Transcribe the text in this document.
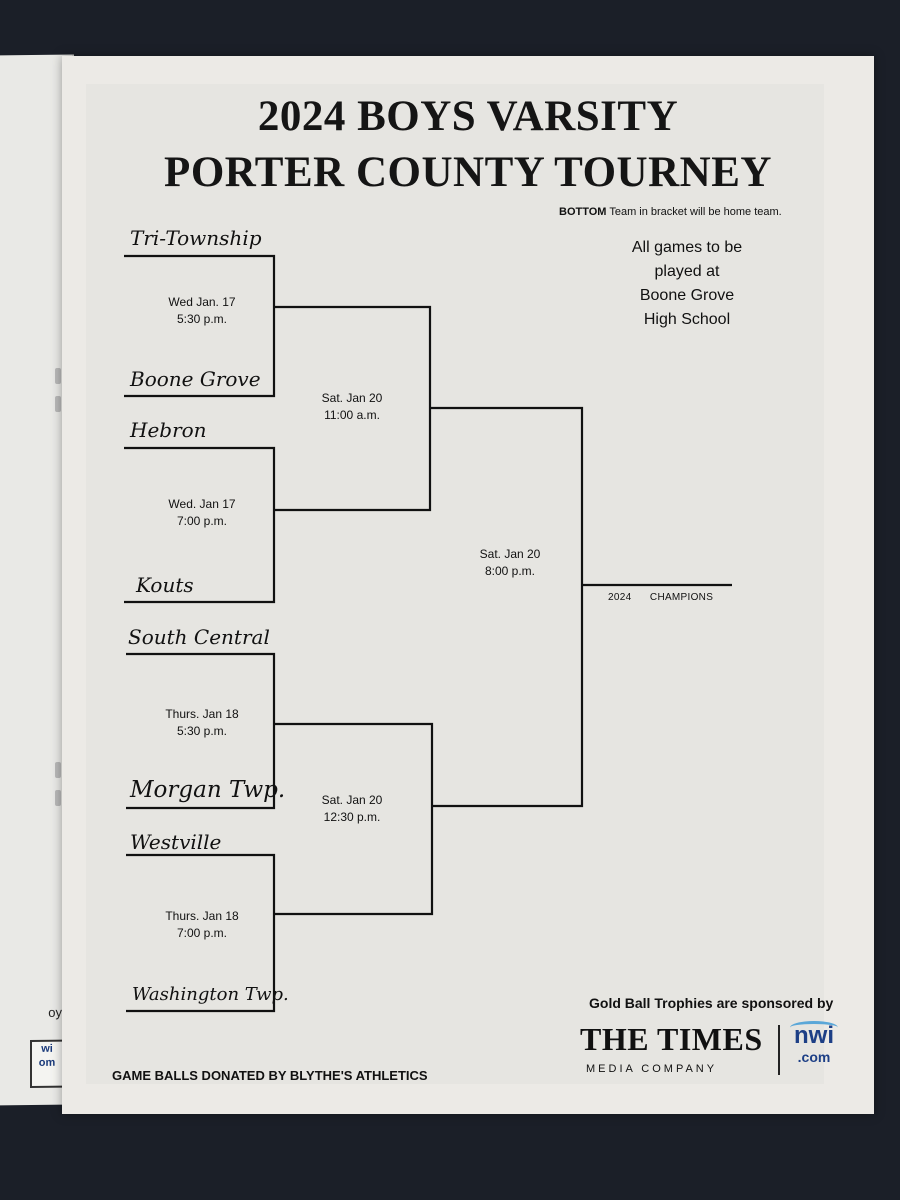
oy
wi
om
2024 BOYS VARSITY
PORTER COUNTY TOURNEY
BOTTOM Team in bracket will be home team.
All games to be
played at
Boone Grove
High School
Tri-Township
Boone Grove
Hebron
Kouts
South Central
Morgan Twp.
Westville
Washington Twp.
Wed Jan. 17
5:30 p.m.
Wed. Jan 17
7:00 p.m.
Thurs. Jan 18
5:30 p.m.
Thurs. Jan 18
7:00 p.m.
Sat. Jan 20
11:00 a.m.
Sat. Jan 20
12:30 p.m.
Sat. Jan 20
8:00 p.m.
2024      CHAMPIONS
Gold Ball Trophies are sponsored by
THE TIMES
MEDIA COMPANY
nwi
.com
GAME BALLS DONATED BY BLYTHE'S ATHLETICS
